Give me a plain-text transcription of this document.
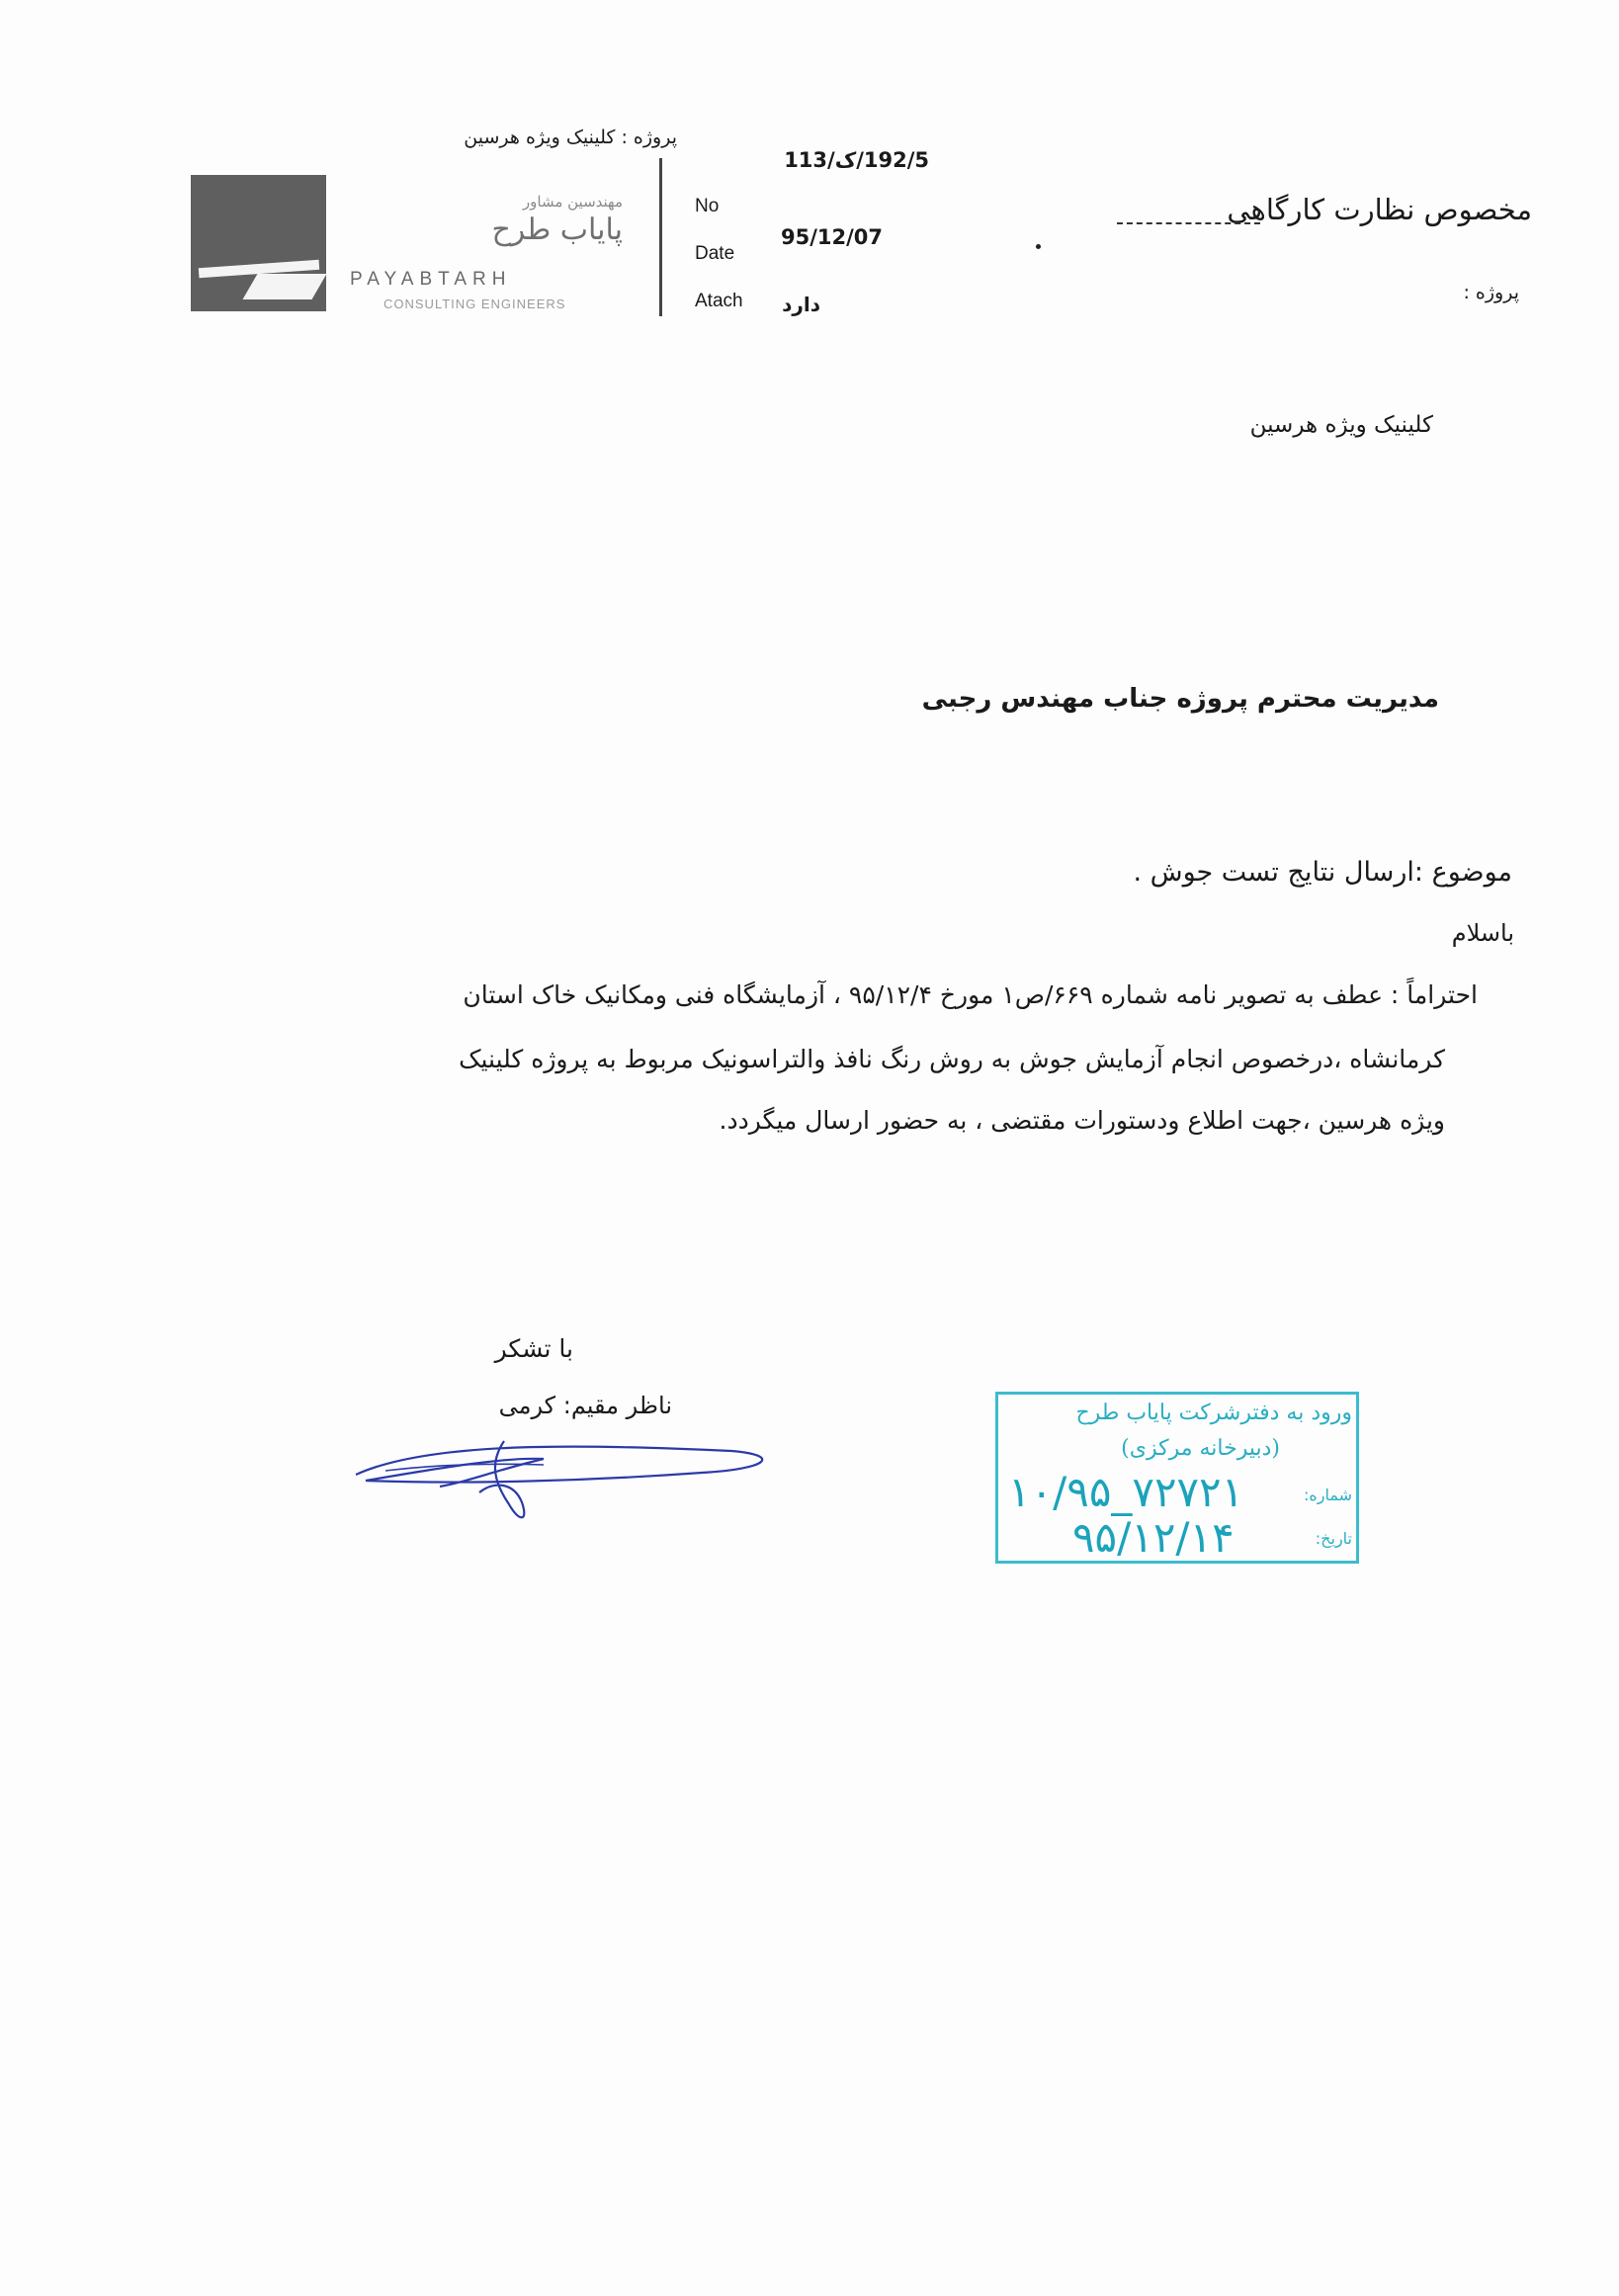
پروژه : کلینیک ویژه هرسین
مهندسین مشاور
پایاب طرح
PAYABTARH
CONSULTING ENGINEERS
No
Date
Atach
192/5/ک/113
95/12/07
دارد
مخصوص نظارت کارگاهی
پروژه :
کلینیک ویژه هرسین
مدیریت محترم پروژه جناب مهندس رجبی
موضوع :ارسال نتایج تست جوش .
باسلام
احتراماً : عطف به تصویر نامه شماره ۶۶۹/ص۱ مورخ ۹۵/۱۲/۴ ، آزمایشگاه فنی ومکانیک خاک استان
کرمانشاه ،درخصوص انجام آزمایش جوش به روش رنگ نافذ والتراسونیک مربوط به پروژه کلینیک
ویژه هرسین ،جهت اطلاع ودستورات مقتضی ، به حضور ارسال میگردد.
با تشکر
ناظر مقیم: کرمی	ورود به دفترشرکت پایاب طرح
(دبیرخانه مرکزی)
شماره:
تاریخ:
۱۰/۹۵_۷۲۷۲۱
۹۵/۱۲/۱۴
